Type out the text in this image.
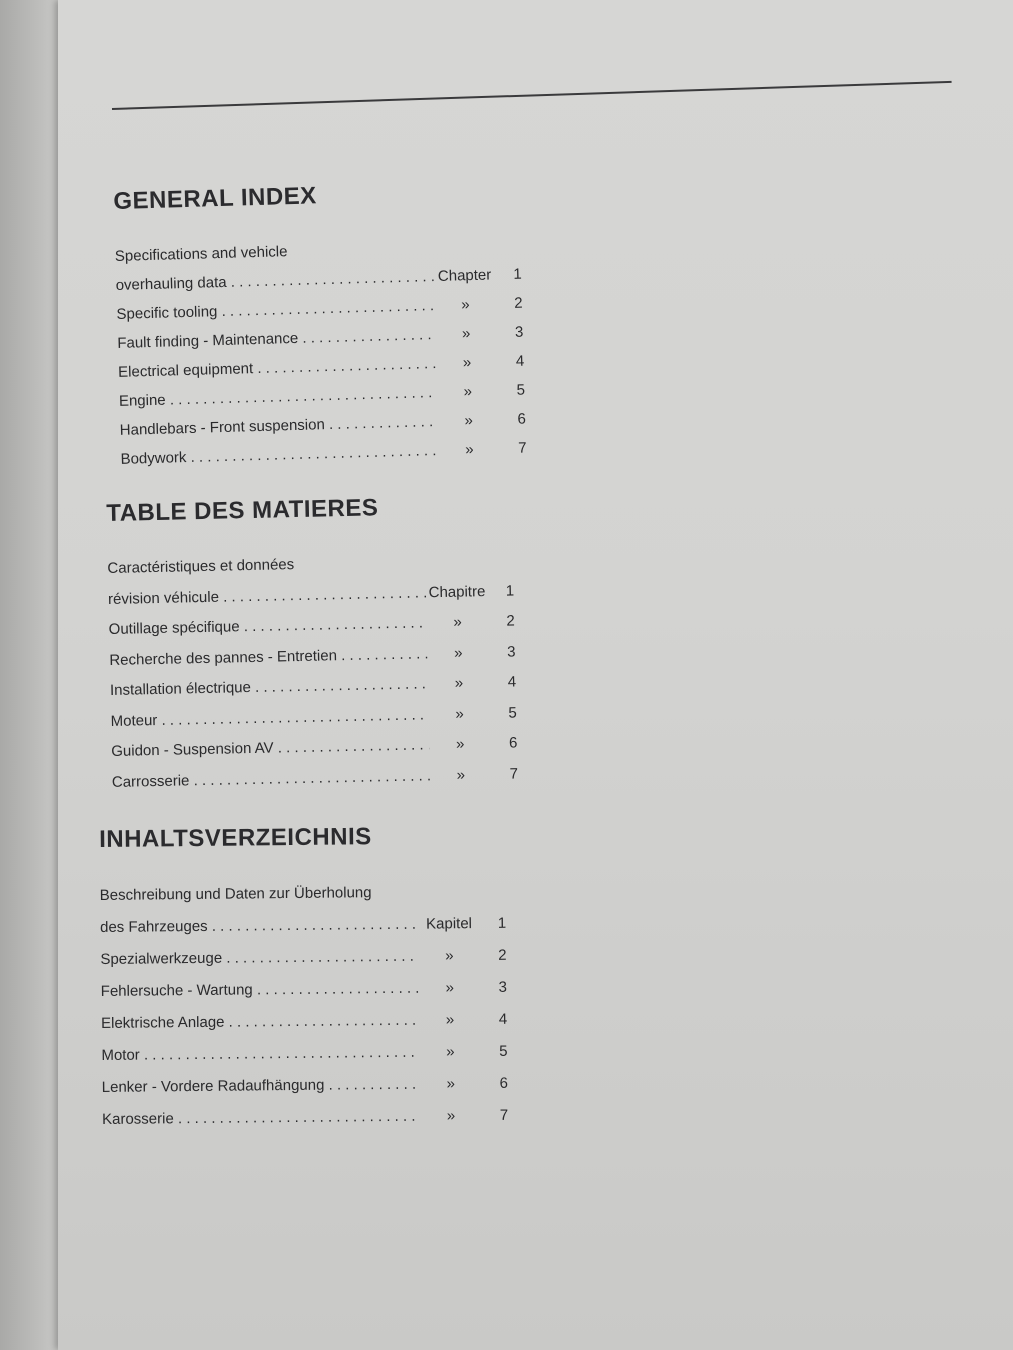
GENERAL INDEX
Specifications and vehicle
overhauling data . . .	Chapter	1
Specific tooling . . .	»	2
Fault finding - Maintenance . . .	»	3
Electrical equipment . . .	»	4
Engine . . .	»	5
Handlebars - Front suspension . . .	»	6
Bodywork . . .	»	7
TABLE DES MATIERES
Caractéristiques et données
révision véhicule . . .	Chapitre	1
Outillage spécifique . . .	»	2
Recherche des pannes - Entretien . . .	»	3
Installation électrique . . .	»	4
Moteur . . .	»	5
Guidon - Suspension AV . . .	»	6
Carrosserie . . .	»	7
INHALTSVERZEICHNIS
Beschreibung und Daten zur Überholung
des Fahrzeuges . . .	Kapitel	1
Spezialwerkzeuge . . .	»	2
Fehlersuche - Wartung . . .	»	3
Elektrische Anlage . . .	»	4
Motor . . .	»	5
Lenker - Vordere Radaufhängung . . .	»	6
Karosserie . . .	»	7
